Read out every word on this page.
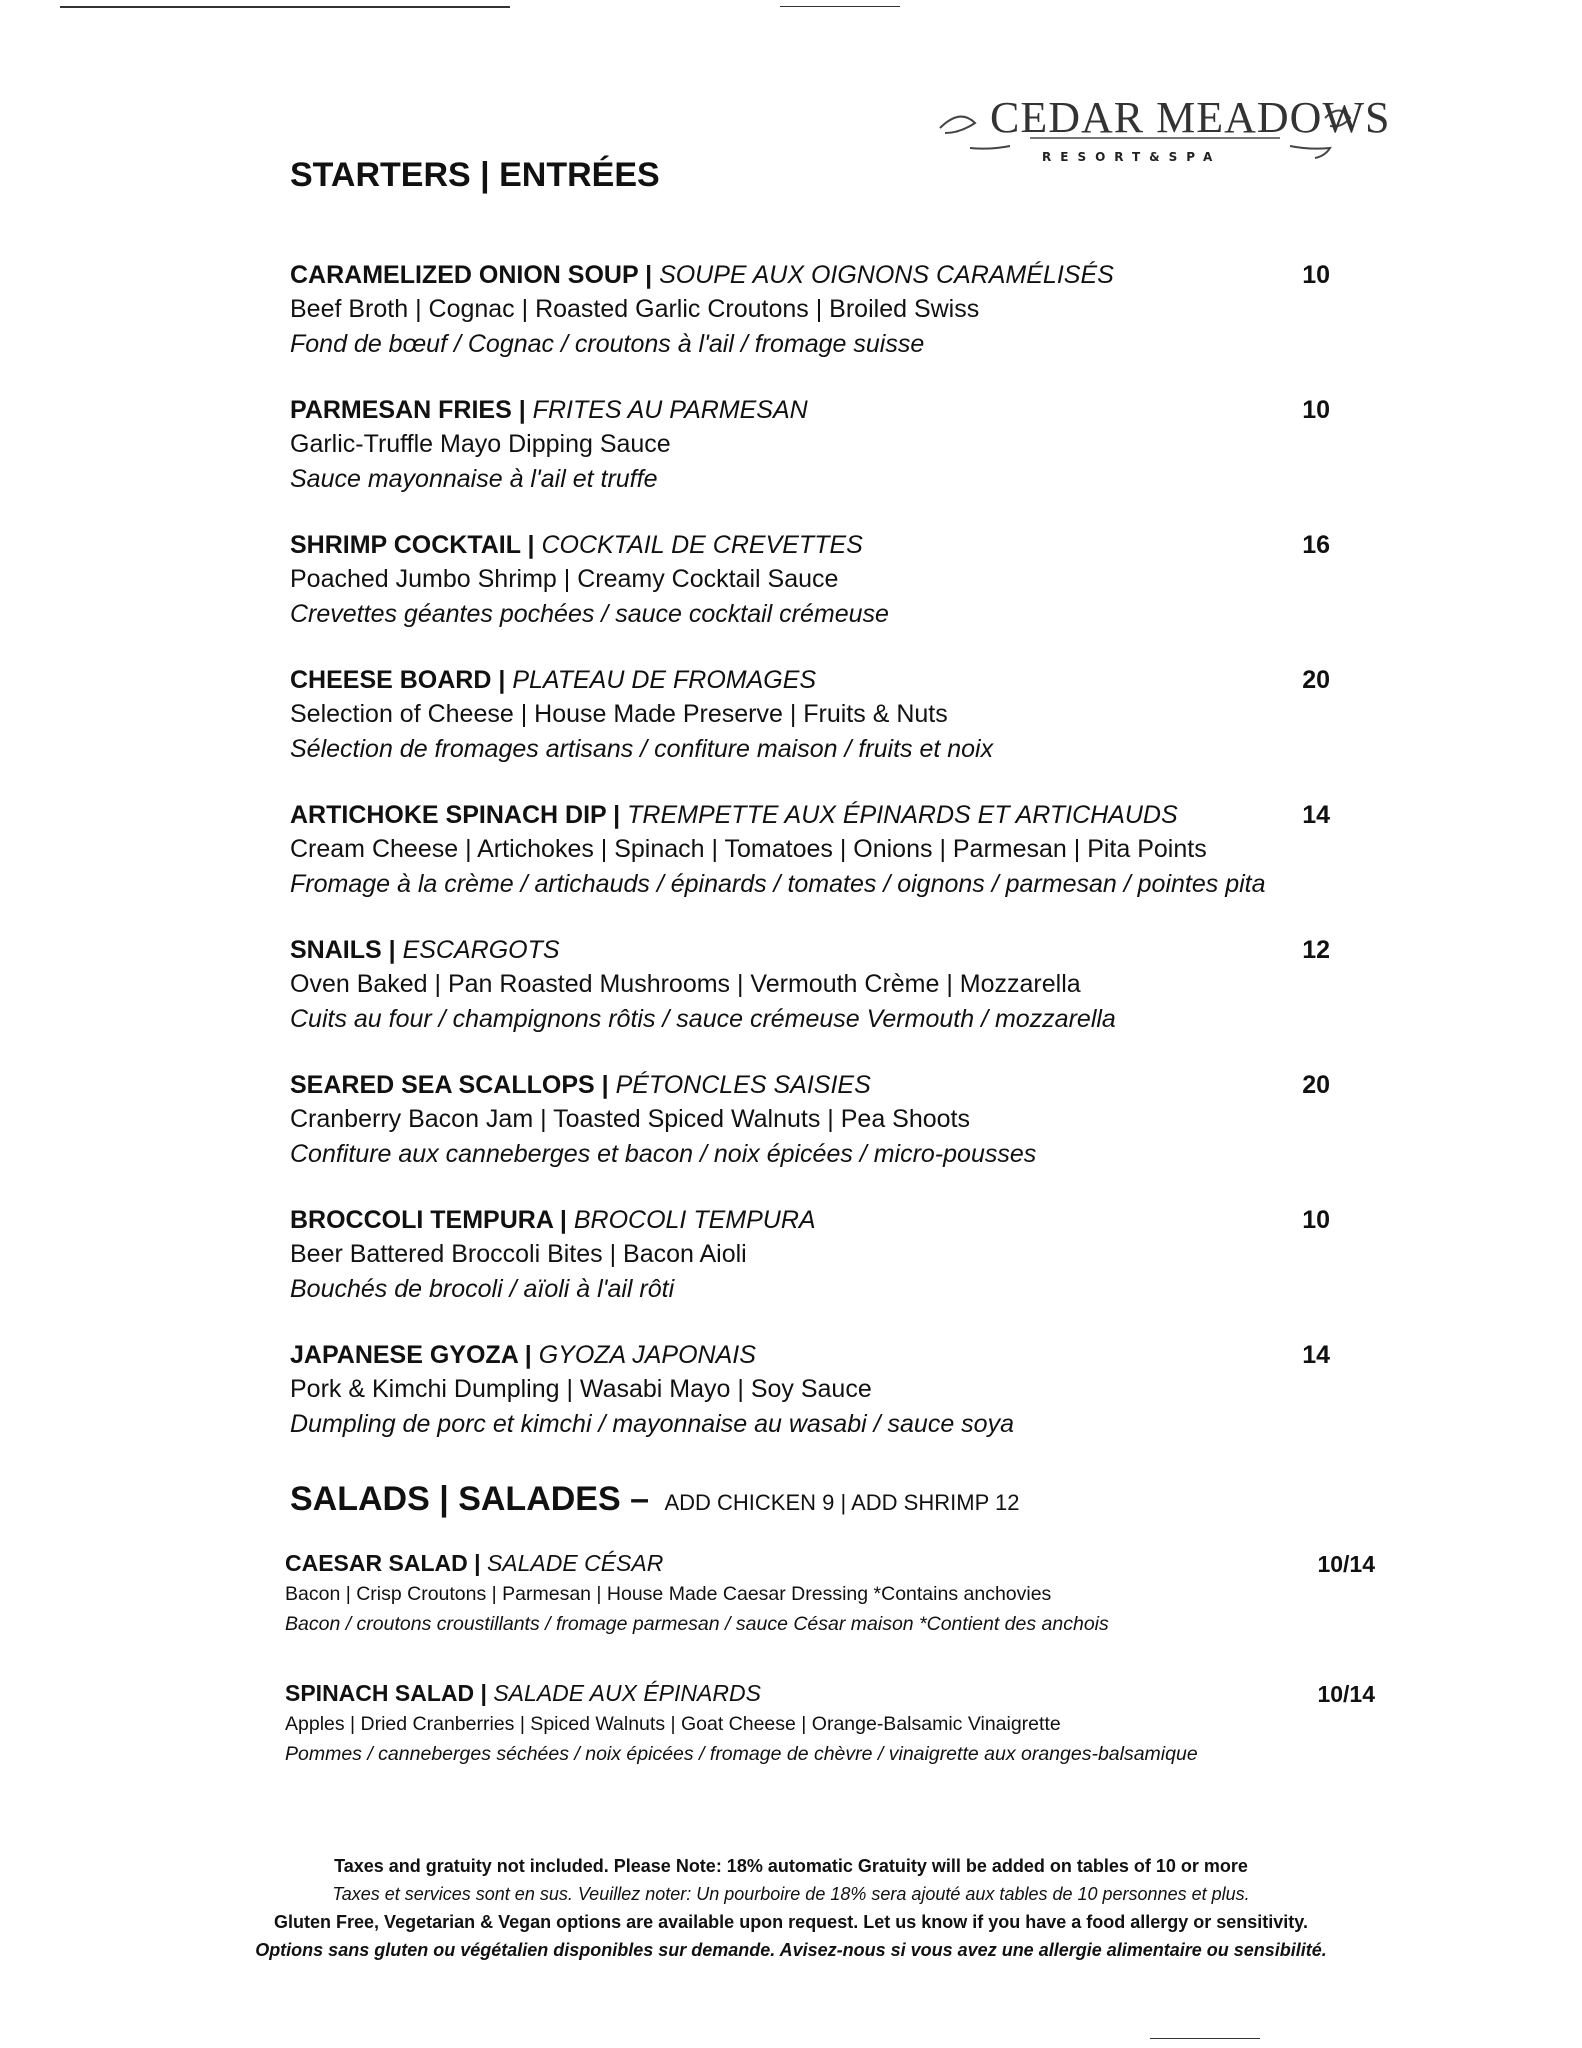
CEDAR MEADOWS
RESORT&SPA
STARTERS | ENTRÉES
CARAMELIZED ONION SOUP | SOUPE AUX OIGNONS CARAMÉLISÉS	10
Beef Broth | Cognac | Roasted Garlic Croutons | Broiled Swiss
Fond de bœuf / Cognac / croutons à l'ail / fromage suisse
PARMESAN FRIES | FRITES AU PARMESAN	10
Garlic-Truffle Mayo Dipping Sauce
Sauce mayonnaise à l'ail et truffe
SHRIMP COCKTAIL | COCKTAIL DE CREVETTES	16
Poached Jumbo Shrimp | Creamy Cocktail Sauce
Crevettes géantes pochées / sauce cocktail crémeuse
CHEESE BOARD | PLATEAU DE FROMAGES	20
Selection of Cheese | House Made Preserve | Fruits & Nuts
Sélection de fromages artisans / confiture maison / fruits et noix
ARTICHOKE SPINACH DIP | TREMPETTE AUX ÉPINARDS ET ARTICHAUDS	14
Cream Cheese | Artichokes | Spinach | Tomatoes | Onions | Parmesan | Pita Points
Fromage à la crème / artichauds / épinards / tomates / oignons / parmesan / pointes pita
SNAILS | ESCARGOTS	12
Oven Baked | Pan Roasted Mushrooms | Vermouth Crème | Mozzarella
Cuits au four / champignons rôtis / sauce crémeuse Vermouth / mozzarella
SEARED SEA SCALLOPS | PÉTONCLES SAISIES	20
Cranberry Bacon Jam | Toasted Spiced Walnuts | Pea Shoots
Confiture aux canneberges et bacon / noix épicées / micro-pousses
BROCCOLI TEMPURA | BROCOLI TEMPURA	10
Beer Battered Broccoli Bites | Bacon Aioli
Bouchés de brocoli / aïoli à l'ail rôti
JAPANESE GYOZA | GYOZA JAPONAIS	14
Pork & Kimchi Dumpling | Wasabi Mayo | Soy Sauce
Dumpling de porc et kimchi / mayonnaise au wasabi / sauce soya
SALADS | SALADES – ADD CHICKEN 9 | ADD SHRIMP 12
CAESAR SALAD | SALADE CÉSAR	10/14
Bacon | Crisp Croutons | Parmesan | House Made Caesar Dressing *Contains anchovies
Bacon / croutons croustillants / fromage parmesan / sauce César maison *Contient des anchois
SPINACH SALAD | SALADE AUX ÉPINARDS	10/14
Apples | Dried Cranberries | Spiced Walnuts | Goat Cheese | Orange-Balsamic Vinaigrette
Pommes / canneberges séchées / noix épicées / fromage de chèvre / vinaigrette aux oranges-balsamique
Taxes and gratuity not included. Please Note: 18% automatic Gratuity will be added on tables of 10 or more
Taxes et services sont en sus. Veuillez noter: Un pourboire de 18% sera ajouté aux tables de 10 personnes et plus.
Gluten Free, Vegetarian & Vegan options are available upon request. Let us know if you have a food allergy or sensitivity.
Options sans gluten ou végétalien disponibles sur demande. Avisez-nous si vous avez une allergie alimentaire ou sensibilité.
